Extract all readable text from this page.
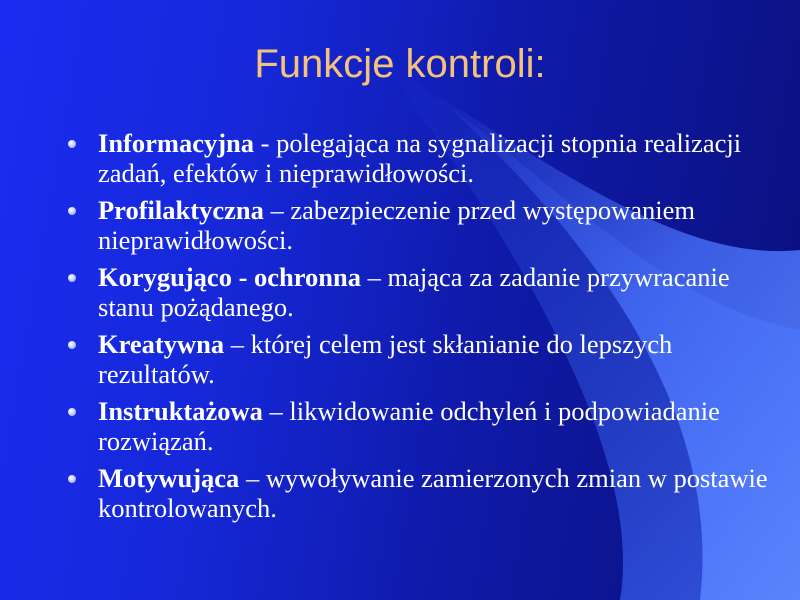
Funkcje kontroli:
Informacyjna - polegająca na sygnalizacji stopnia realizacji zadań, efektów i nieprawidłowości.
Profilaktyczna – zabezpieczenie przed występowaniem nieprawidłowości.
Korygująco - ochronna – mająca za zadanie przywracanie stanu pożądanego.
Kreatywna – której celem jest skłanianie do lepszych rezultatów.
Instruktażowa – likwidowanie odchyleń i podpowiadanie rozwiązań.
Motywująca – wywoływanie zamierzonych zmian w postawie kontrolowanych.
